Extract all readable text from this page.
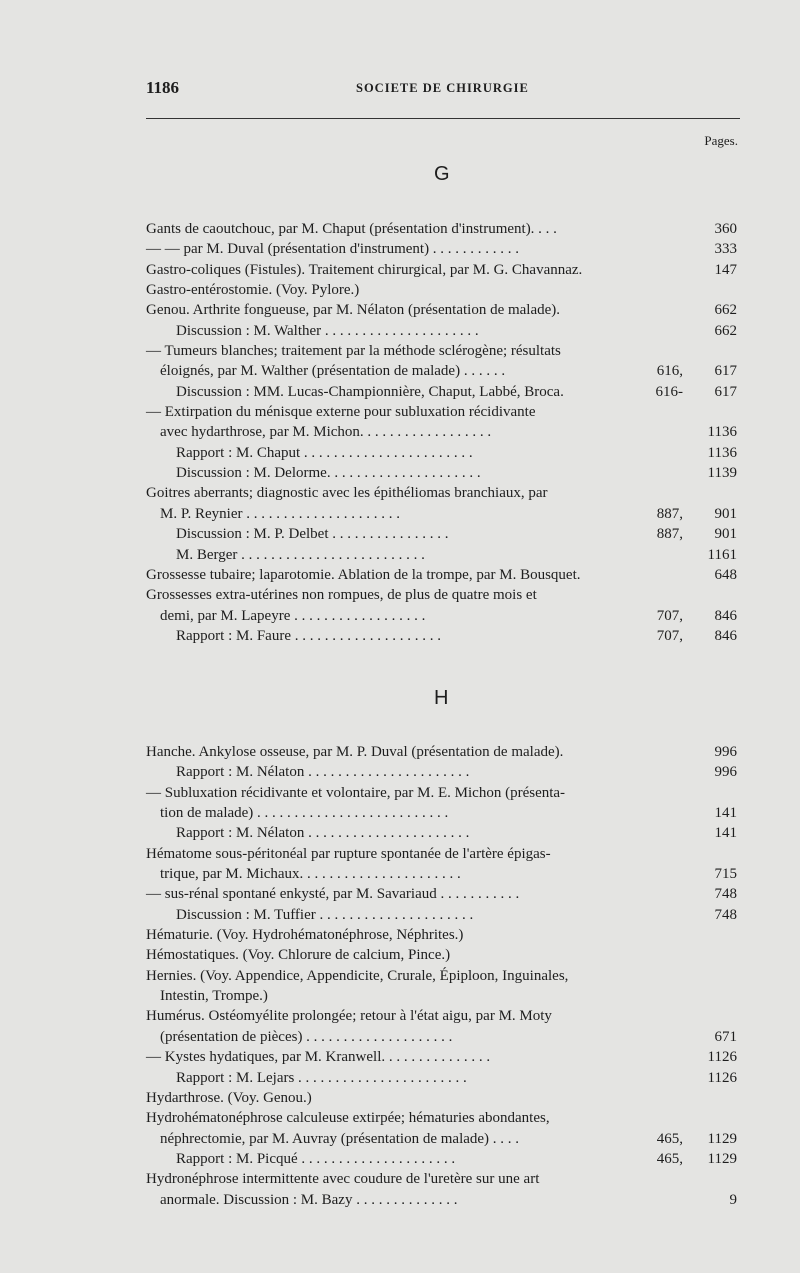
1186	SOCIETE DE CHIRURGIE
Pages.
G
Gants de caoutchouc, par M. Chaput (présentation d'instrument). . . .	360
— — par M. Duval (présentation d'instrument) . . . . . . . . . . . .	333
Gastro-coliques (Fistules). Traitement chirurgical, par M. G. Chavannaz.	147
Gastro-entérostomie. (Voy. Pylore.)
Genou. Arthrite fongueuse, par M. Nélaton (présentation de malade).	662
Discussion : M. Walther . . . . . . . . . . . . . . . . . . . . .	662
— Tumeurs blanches; traitement par la méthode sclérogène; résultats
éloignés, par M. Walther (présentation de malade) . . . . . .	616,	617
Discussion : MM. Lucas-Championnière, Chaput, Labbé, Broca.	616-	617
— Extirpation du ménisque externe pour subluxation récidivante
avec hydarthrose, par M. Michon. . . . . . . . . . . . . . . . . .	1136
Rapport : M. Chaput . . . . . . . . . . . . . . . . . . . . . . .	1136
Discussion : M. Delorme. . . . . . . . . . . . . . . . . . . . .	1139
Goitres aberrants; diagnostic avec les épithéliomas branchiaux, par
M. P. Reynier . . . . . . . . . . . . . . . . . . . . .	887,	901
Discussion : M. P. Delbet . . . . . . . . . . . . . . . .	887,	901
M. Berger . . . . . . . . . . . . . . . . . . . . . . . . .	1161
Grossesse tubaire; laparotomie. Ablation de la trompe, par M. Bousquet.	648
Grossesses extra-utérines non rompues, de plus de quatre mois et
demi, par M. Lapeyre . . . . . . . . . . . . . . . . . .	707,	846
Rapport : M. Faure . . . . . . . . . . . . . . . . . . . .	707,	846
H
Hanche. Ankylose osseuse, par M. P. Duval (présentation de malade).	996
Rapport : M. Nélaton . . . . . . . . . . . . . . . . . . . . . .	996
— Subluxation récidivante et volontaire, par M. E. Michon (présenta-
tion de malade) . . . . . . . . . . . . . . . . . . . . . . . . . .	141
Rapport : M. Nélaton . . . . . . . . . . . . . . . . . . . . . .	141
Hématome sous-péritonéal par rupture spontanée de l'artère épigas-
trique, par M. Michaux. . . . . . . . . . . . . . . . . . . . . .	715
— sus-rénal spontané enkysté, par M. Savariaud . . . . . . . . . . .	748
Discussion : M. Tuffier . . . . . . . . . . . . . . . . . . . . .	748
Hématurie. (Voy. Hydrohématonéphrose, Néphrites.)
Hémostatiques. (Voy. Chlorure de calcium, Pince.)
Hernies. (Voy. Appendice, Appendicite, Crurale, Épiploon, Inguinales,
Intestin, Trompe.)
Humérus. Ostéomyélite prolongée; retour à l'état aigu, par M. Moty
(présentation de pièces) . . . . . . . . . . . . . . . . . . . .	671
— Kystes hydatiques, par M. Kranwell. . . . . . . . . . . . . . .	1126
Rapport : M. Lejars . . . . . . . . . . . . . . . . . . . . . . .	1126
Hydarthrose. (Voy. Genou.)
Hydrohématonéphrose calculeuse extirpée; hématuries abondantes,
néphrectomie, par M. Auvray (présentation de malade) . . . .	465,	1129
Rapport : M. Picqué . . . . . . . . . . . . . . . . . . . . .	465,	1129
Hydronéphrose intermittente avec coudure de l'uretère sur une art
anormale. Discussion : M. Bazy . . . . . . . . . . . . . .	9
